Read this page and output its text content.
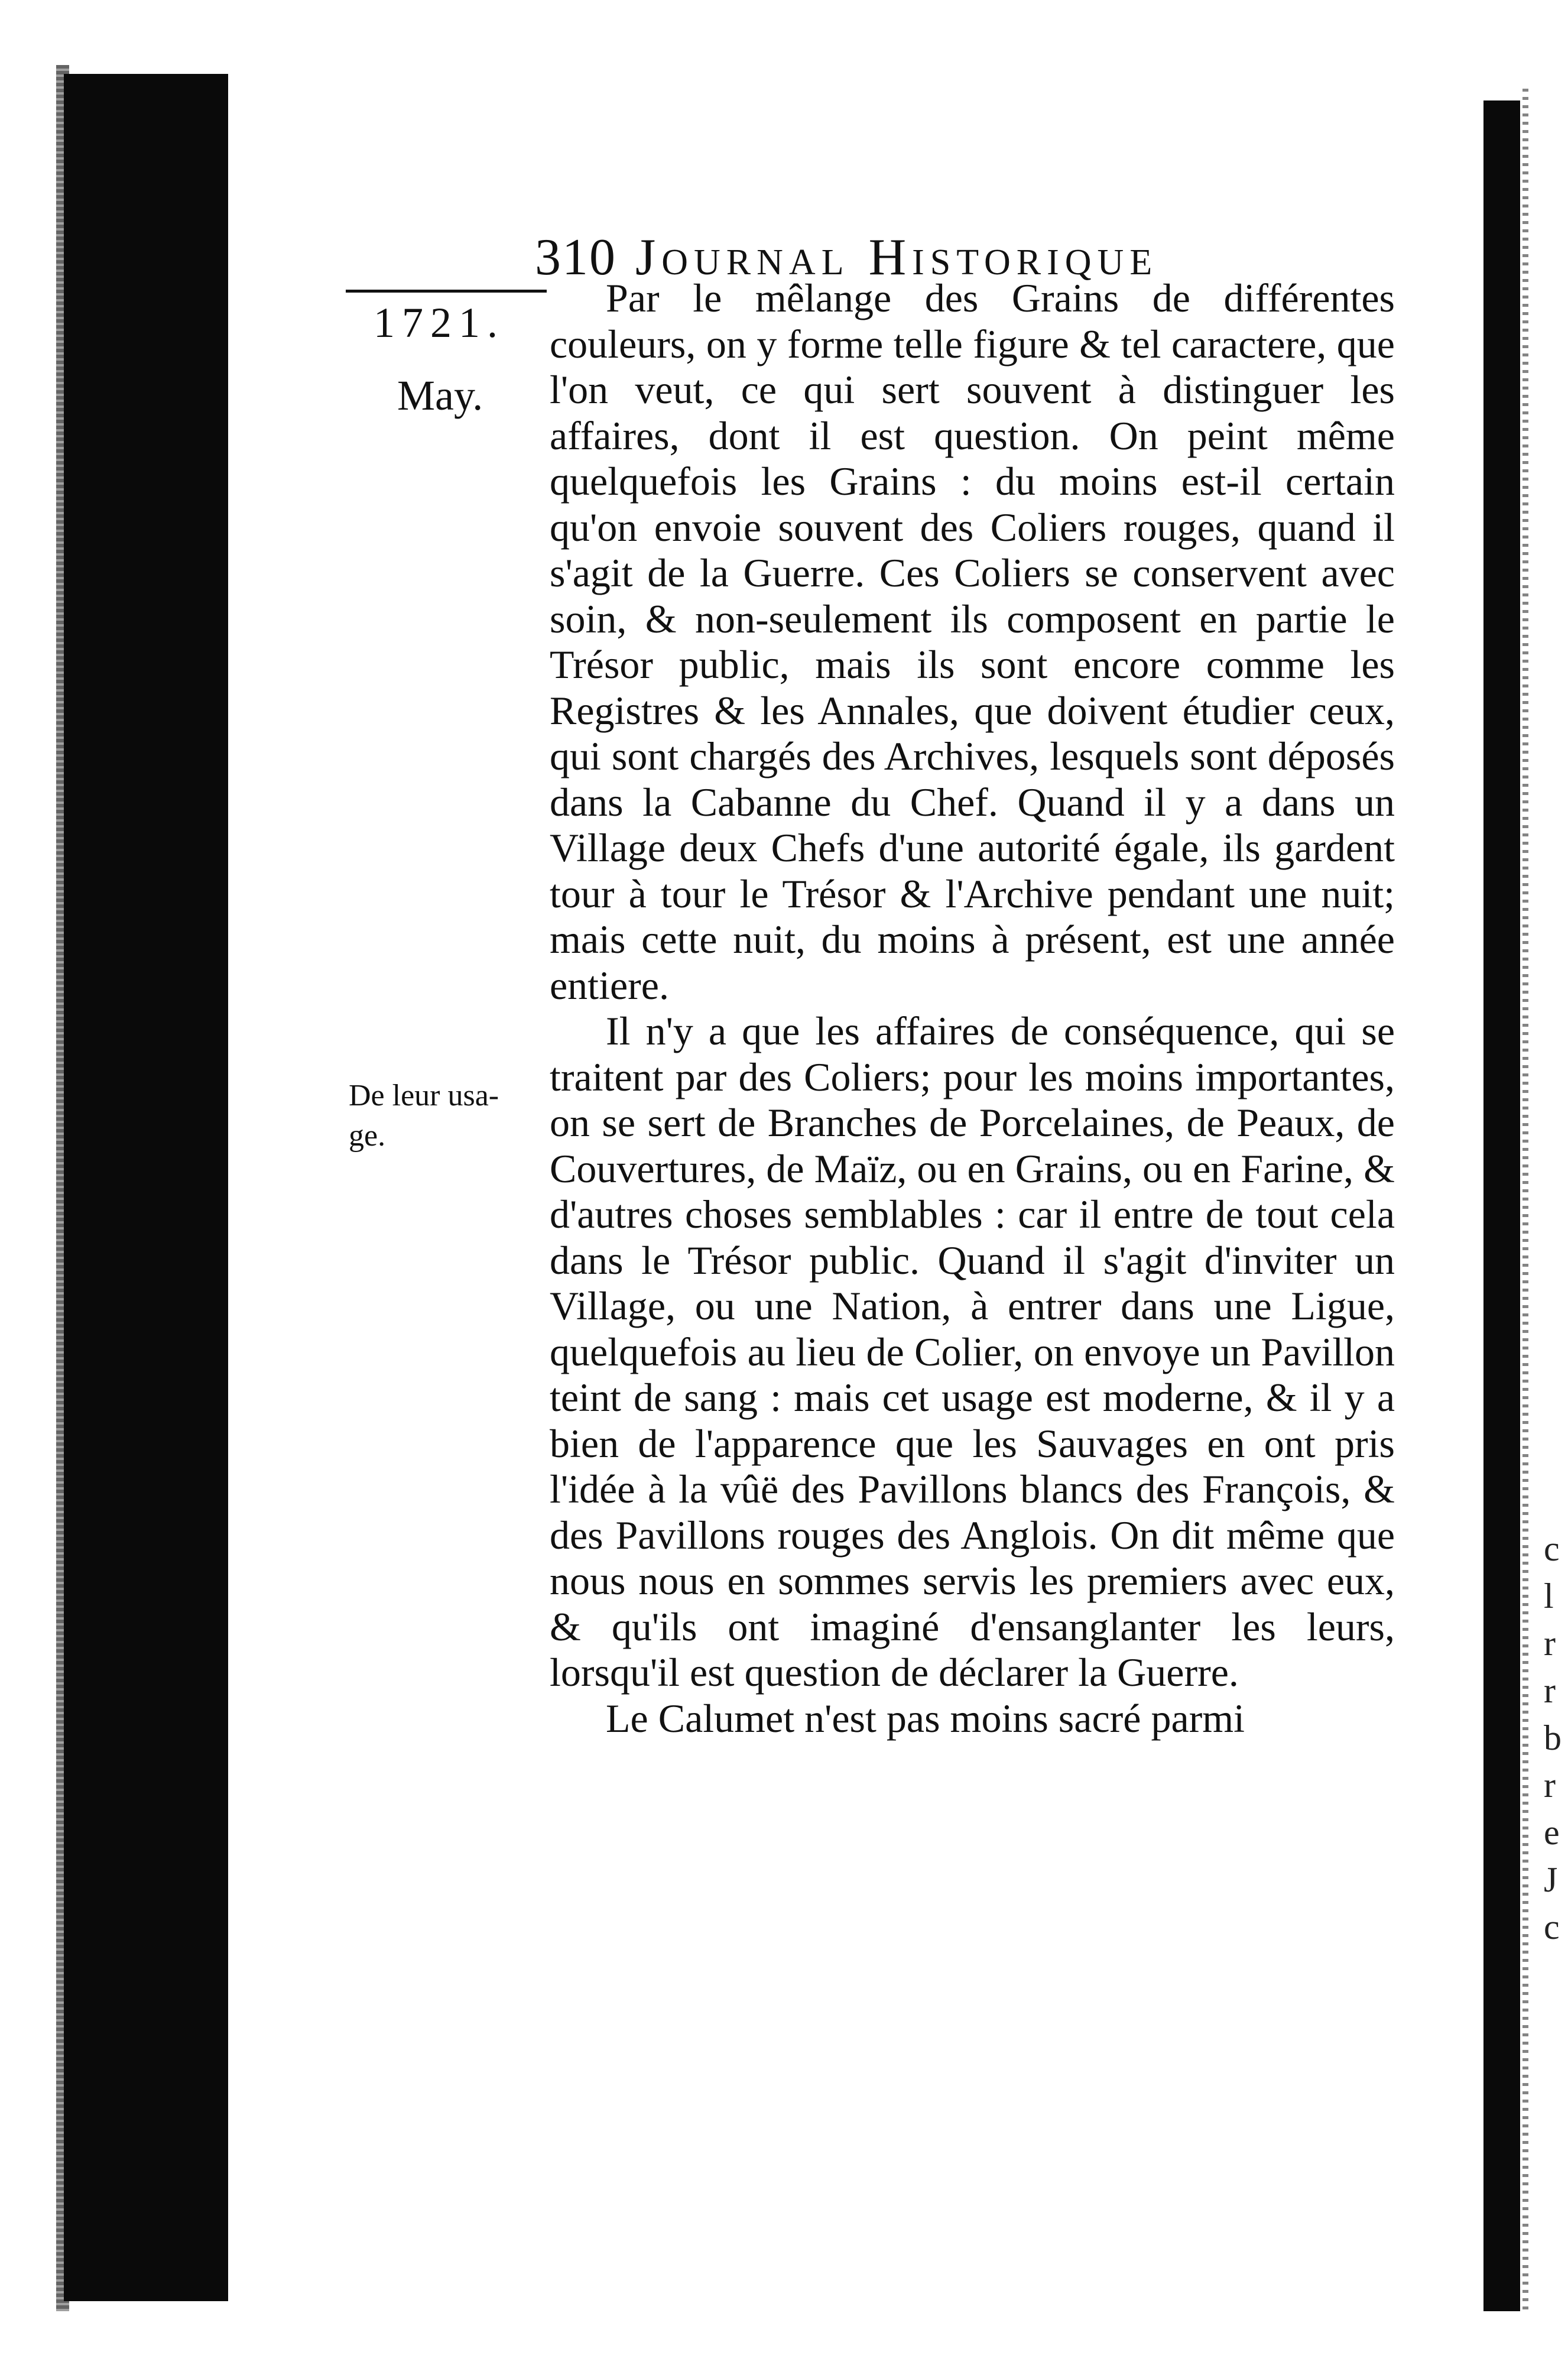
310 Journal Historique
1721.
May.
De leur usa-
ge.

Par le mêlange des Grains de différentes couleurs, on y forme telle figure & tel caractere, que l'on veut, ce qui sert souvent à distinguer les affaires, dont il est question. On peint même quelquefois les Grains : du moins est-il certain qu'on envoie souvent des Coliers rouges, quand il s'agit de la Guerre. Ces Coliers se conservent avec soin, & non-seulement ils composent en partie le Trésor public, mais ils sont encore comme les Registres & les Annales, que doivent étudier ceux, qui sont chargés des Archives, lesquels sont déposés dans la Cabanne du Chef. Quand il y a dans un Village deux Chefs d'une autorité égale, ils gardent tour à tour le Trésor & l'Archive pendant une nuit; mais cette nuit, du moins à présent, est une année entiere.

Il n'y a que les affaires de conséquence, qui se traitent par des Coliers; pour les moins importantes, on se sert de Branches de Porcelaines, de Peaux, de Couvertures, de Maïz, ou en Grains, ou en Farine, & d'autres choses semblables : car il entre de tout cela dans le Trésor public. Quand il s'agit d'inviter un Village, ou une Nation, à entrer dans une Ligue, quelquefois au lieu de Colier, on envoye un Pavillon teint de sang : mais cet usage est moderne, & il y a bien de l'apparence que les Sauvages en ont pris l'idée à la vûë des Pavillons blancs des François, & des Pavillons rouges des Anglois. On dit même que nous nous en sommes servis les premiers avec eux, & qu'ils ont imaginé d'ensanglanter les leurs, lorsqu'il est question de déclarer la Guerre.

Le Calumet n'est pas moins sacré parmi

c
l
r
r
b
r
e
J
c
